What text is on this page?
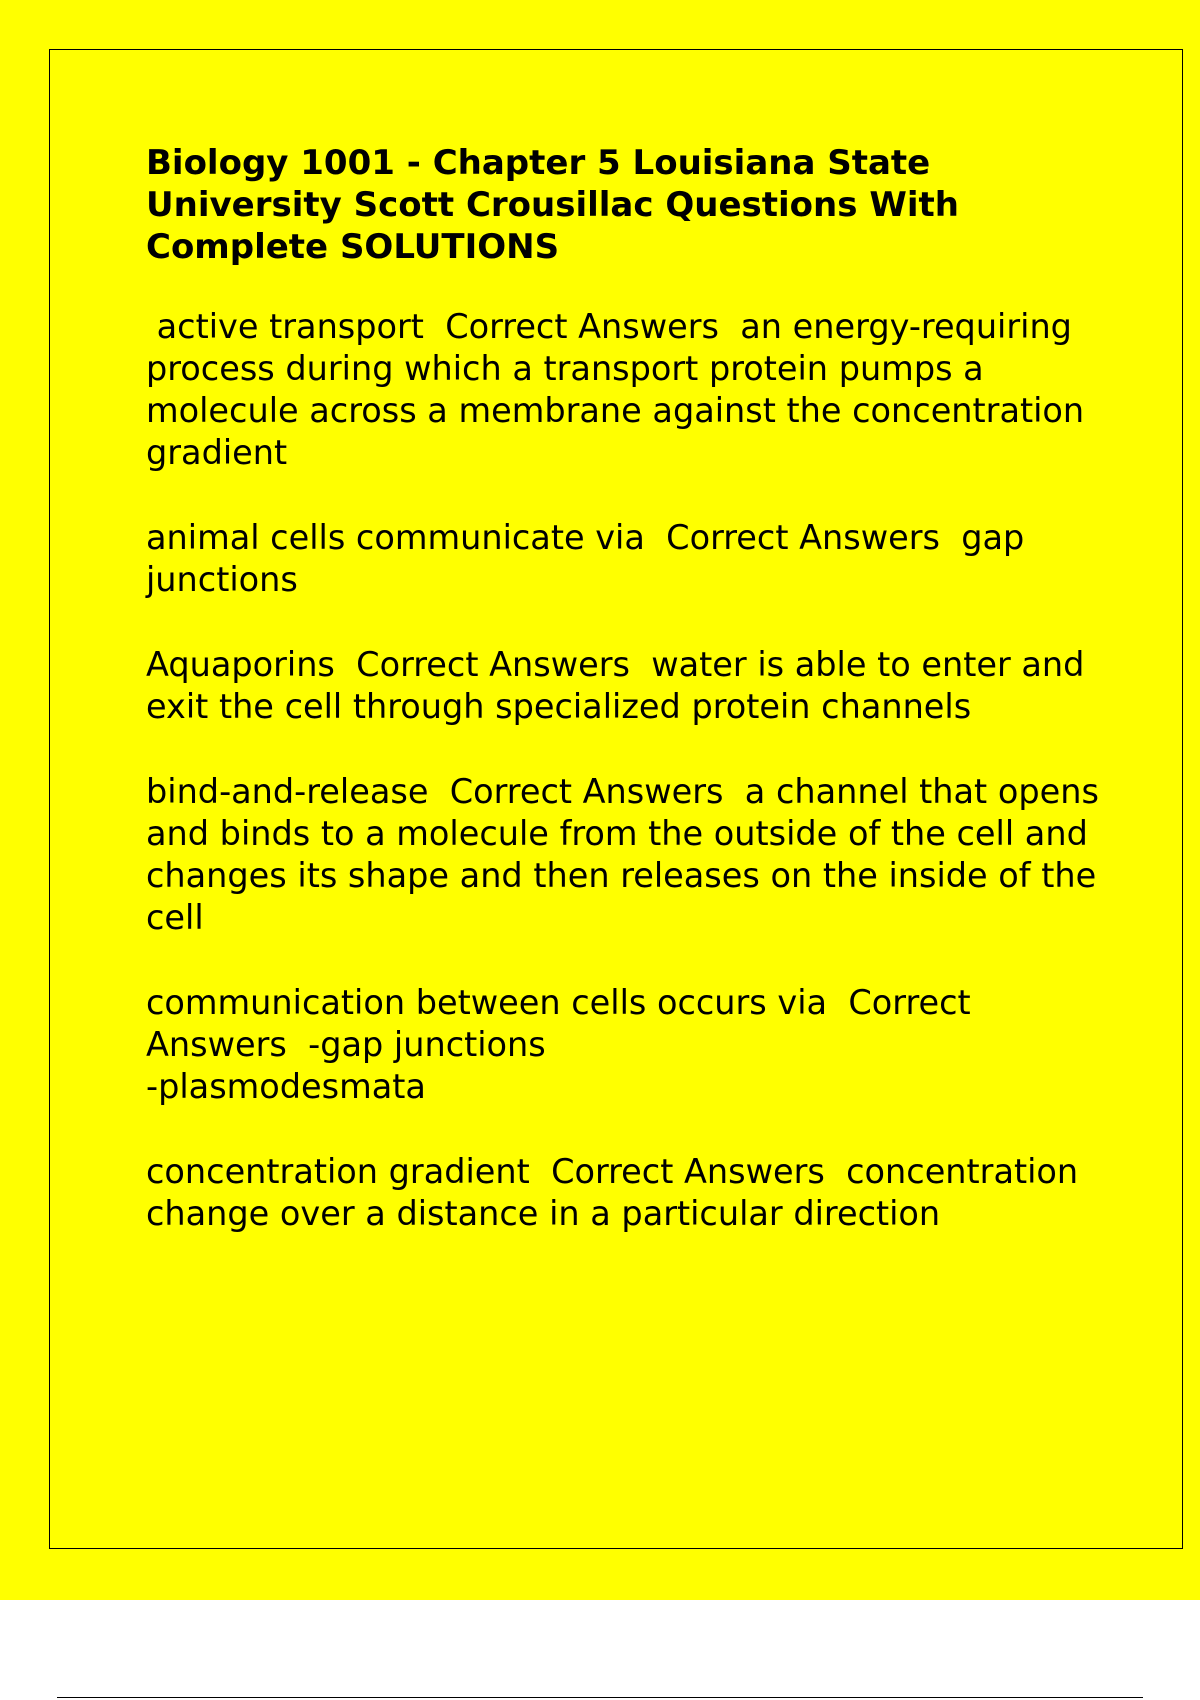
Biology 1001 - Chapter 5 Louisiana State University Scott Crousillac Questions With Complete SOLUTIONS

active transport  Correct Answers  an energy-requiring process during which a transport protein pumps a molecule across a membrane against the concentration gradient

animal cells communicate via  Correct Answers  gap junctions

Aquaporins  Correct Answers  water is able to enter and exit the cell through specialized protein channels

bind-and-release  Correct Answers  a channel that opens and binds to a molecule from the outside of the cell and changes its shape and then releases on the inside of the cell

communication between cells occurs via  Correct Answers  -gap junctions
-plasmodesmata

concentration gradient  Correct Answers  concentration change over a distance in a particular direction
